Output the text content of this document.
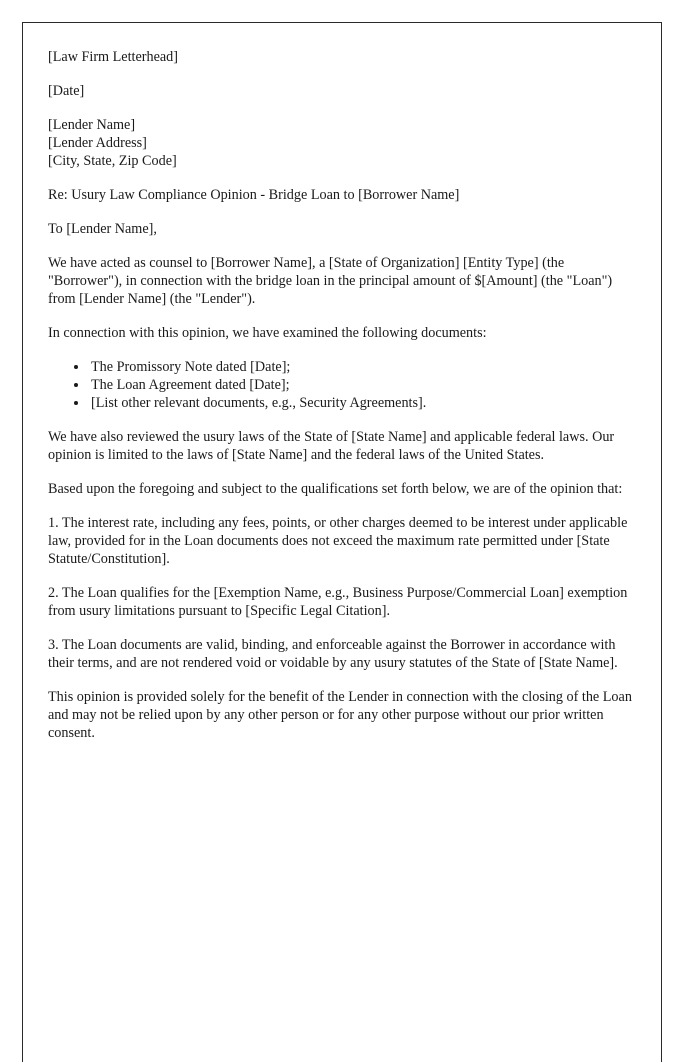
[Law Firm Letterhead]

[Date]

[Lender Name]
[Lender Address]
[City, State, Zip Code]

Re: Usury Law Compliance Opinion - Bridge Loan to [Borrower Name]

To [Lender Name],

We have acted as counsel to [Borrower Name], a [State of Organization] [Entity Type] (the "Borrower"), in connection with the bridge loan in the principal amount of $[Amount] (the "Loan") from [Lender Name] (the "Lender").

In connection with this opinion, we have examined the following documents:

• The Promissory Note dated [Date];
• The Loan Agreement dated [Date];
• [List other relevant documents, e.g., Security Agreements].

We have also reviewed the usury laws of the State of [State Name] and applicable federal laws. Our opinion is limited to the laws of [State Name] and the federal laws of the United States.

Based upon the foregoing and subject to the qualifications set forth below, we are of the opinion that:

1. The interest rate, including any fees, points, or other charges deemed to be interest under applicable law, provided for in the Loan documents does not exceed the maximum rate permitted under [State Statute/Constitution].

2. The Loan qualifies for the [Exemption Name, e.g., Business Purpose/Commercial Loan] exemption from usury limitations pursuant to [Specific Legal Citation].

3. The Loan documents are valid, binding, and enforceable against the Borrower in accordance with their terms, and are not rendered void or voidable by any usury statutes of the State of [State Name].

This opinion is provided solely for the benefit of the Lender in connection with the closing of the Loan and may not be relied upon by any other person or for any other purpose without our prior written consent.
